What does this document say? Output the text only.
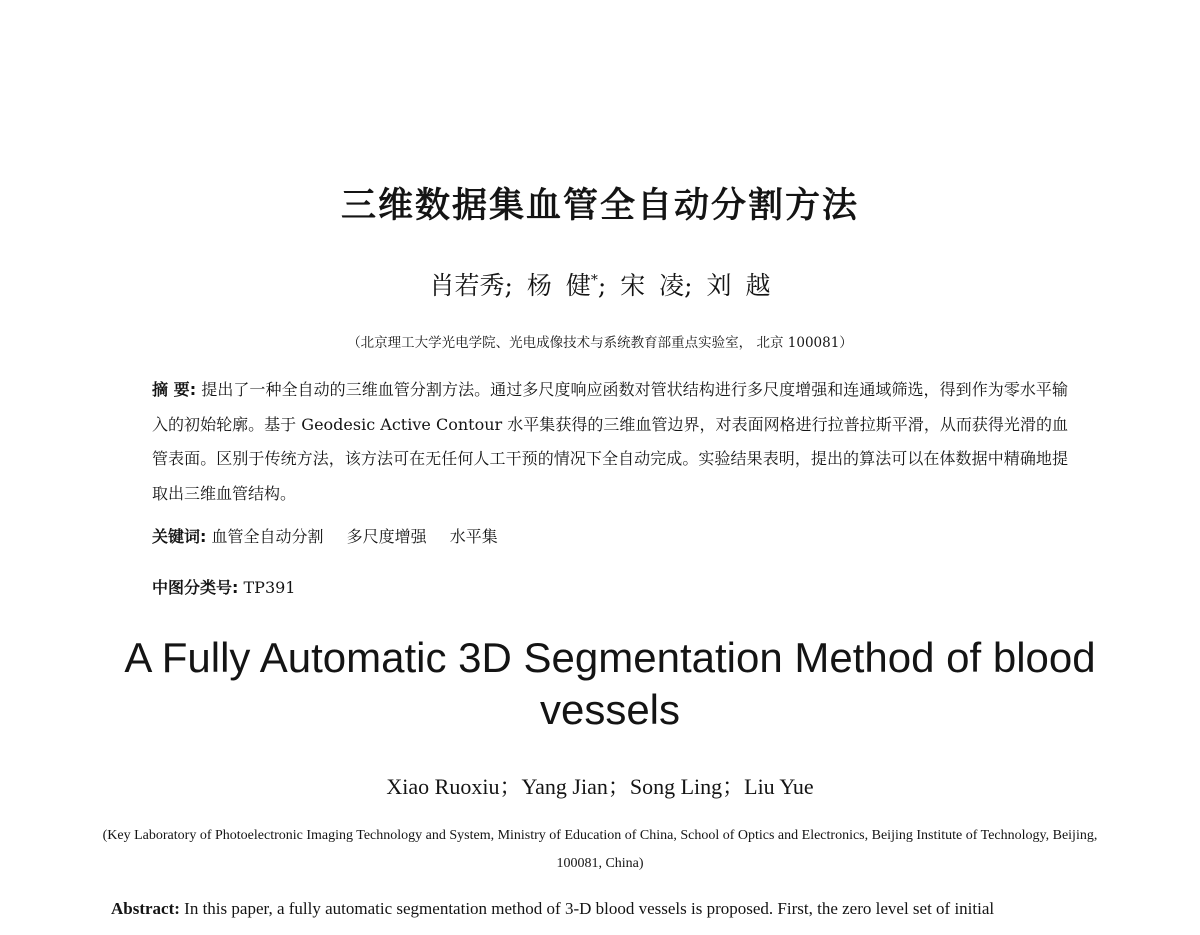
三维数据集血管全自动分割方法
肖若秀; 杨 健*; 宋 凌; 刘 越
（北京理工大学光电学院、光电成像技术与系统教育部重点实验室， 北京 100081）
摘 要: 提出了一种全自动的三维血管分割方法。通过多尺度响应函数对管状结构进行多尺度增强和连通域筛选，得到作为零水平输入的初始轮廓。基于 Geodesic Active Contour 水平集获得的三维血管边界，对表面网格进行拉普拉斯平滑，从而获得光滑的血管表面。区别于传统方法，该方法可在无任何人工干预的情况下全自动完成。实验结果表明，提出的算法可以在体数据中精确地提取出三维血管结构。
关键词: 血管全自动分割 多尺度增强 水平集
中图分类号: TP391
A Fully Automatic 3D Segmentation Method of blood vessels
Xiao Ruoxiu；Yang Jian；Song Ling；Liu Yue
(Key Laboratory of Photoelectronic Imaging Technology and System, Ministry of Education of China, School of Optics and Electronics, Beijing Institute of Technology, Beijing, 100081, China)
Abstract: In this paper, a fully automatic segmentation method of 3-D blood vessels is proposed. First, the zero level set of initial
